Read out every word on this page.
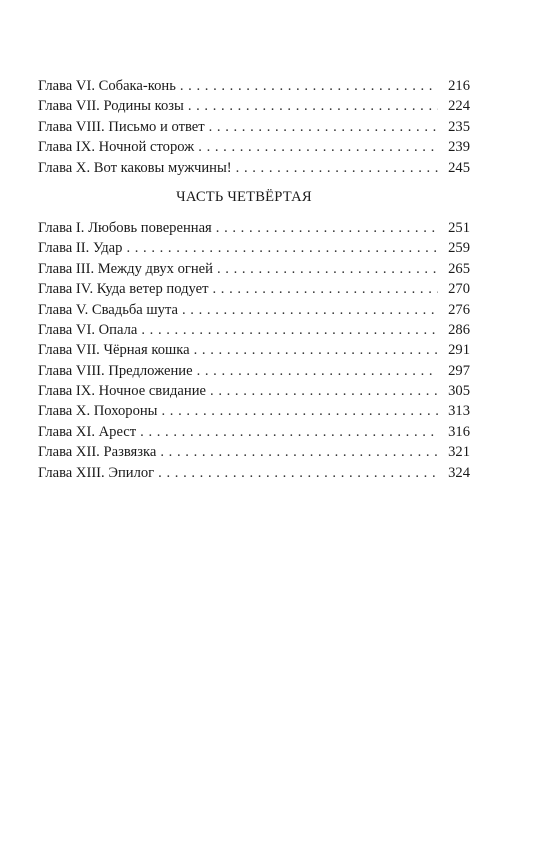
Глава VI. Собака-конь . . .	216
Глава VII. Родины козы . . .	224
Глава VIII. Письмо и ответ . . .	235
Глава IX. Ночной сторож . . .	239
Глава X. Вот каковы мужчины! . . .	245
ЧАСТЬ ЧЕТВЁРТАЯ
Глава I. Любовь поверенная . . .	251
Глава II. Удар . . .	259
Глава III. Между двух огней . . .	265
Глава IV. Куда ветер подует . . .	270
Глава V. Свадьба шута . . .	276
Глава VI. Опала . . .	286
Глава VII. Чёрная кошка . . .	291
Глава VIII. Предложение . . .	297
Глава IX. Ночное свидание . . .	305
Глава X. Похороны . . .	313
Глава XI. Арест . . .	316
Глава XII. Развязка . . .	321
Глава XIII. Эпилог . . .	324
